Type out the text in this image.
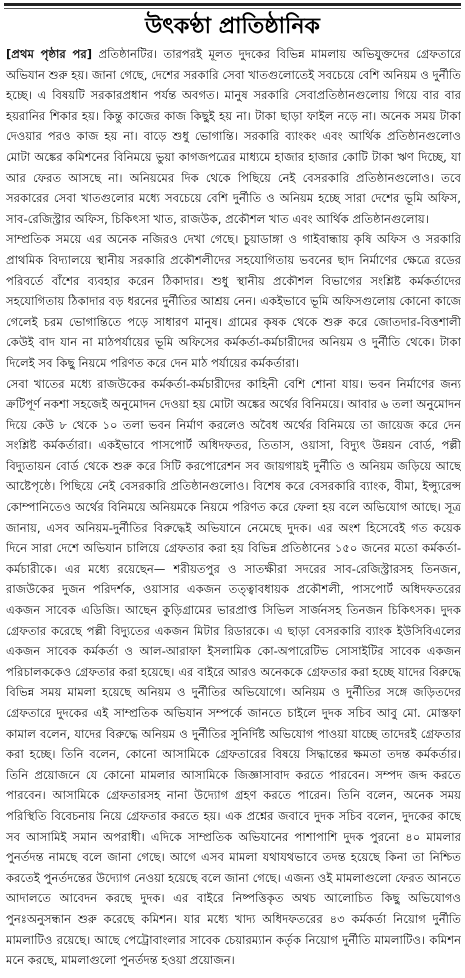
উৎকণ্ঠা প্রাতিষ্ঠানিক

[প্রথম পৃষ্ঠার পর] প্রতিষ্ঠানটির। তারপরই মূলত দুদকের বিভিন্ন মামলায় অভিযুক্তদের গ্রেফতারে অভিযান শুরু হয়। জানা গেছে, দেশের সরকারি সেবা খাতগুলোতেই সবচেয়ে বেশি অনিয়ম ও দুর্নীতি হচ্ছে। এ বিষয়টি সরকারপ্রধান পর্যন্ত অবগত। মানুষ সরকারি সেবাপ্রতিষ্ঠানগুলোয় গিয়ে বার বার হয়রানির শিকার হয়। কিন্তু কাজের কাজ কিছুই হয় না। টাকা ছাড়া ফাইল নড়ে না। অনেক সময় টাকা দেওয়ার পরও কাজ হয় না। বাড়ে শুধু ভোগান্তি। সরকারি ব্যাংকং এবং আর্থিক প্রতিষ্ঠানগুলোও মোটা অঙ্কের কমিশনের বিনিময়ে ভুয়া কাগজপত্রের মাধ্যমে হাজার হাজার কোটি টাকা ঋণ দিচ্ছে, যা আর ফেরত আসছে না। অনিয়মের দিক থেকে পিছিয়ে নেই বেসরকারি প্রতিষ্ঠানগুলোও। তবে সরকারের সেবা খাতগুলোর মধ্যে সবচেয়ে বেশি দুর্নীতি ও অনিয়ম হচ্ছে সারা দেশের ভূমি অফিস, সাব-রেজিস্ট্রার অফিস, চিকিৎসা খাত, রাজউক, প্রকৌশল খাত এবং আর্থিক প্রতিষ্ঠানগুলোয়।

সাম্প্রতিক সময়ে এর অনেক নজিরও দেখা গেছে। চুয়াডাঙ্গা ও গাইবান্ধায় কৃষি অফিস ও সরকারি প্রাথমিক বিদ্যালয়ে স্থানীয় সরকারি প্রকৌশলীদের সহযোগিতায় ভবনের ছাদ নির্মাণের ক্ষেত্রে রডের পরিবর্তে বাঁশের ব্যবহার করেন ঠিকাদার। শুধু স্থানীয় প্রকৌশল বিভাগের সংশ্লিষ্ট কর্মকর্তাদের সহযোগিতায় ঠিকাদার বড় ধরনের দুর্নীতির আশ্রয় নেন। একইভাবে ভূমি অফিসগুলোয় কোনো কাজে গেলেই চরম ভোগান্তিতে পড়ে সাধারণ মানুষ। গ্রামের কৃষক থেকে শুরু করে জোতদার-বিত্তশালী কেউই বাদ যান না মাঠপর্যায়ের ভূমি অফিসের কর্মকর্তা-কর্মচারীদের অনিয়ম ও দুর্নীতি থেকে। টাকা দিলেই সব কিছু নিয়মে পরিণত করে দেন মাঠ পর্যায়ের কর্মকর্তারা।

সেবা খাতের মধ্যে রাজউকের কর্মকর্তা-কর্মচারীদের কাহিনী বেশি শোনা যায়। ভবন নির্মাণের জন্য ক্রটিপূর্ণ নকশা সহজেই অনুমোদন দেওয়া হয় মোটা অঙ্কের অর্থের বিনিময়ে। আবার ৬ তলা অনুমোদন দিয়ে কেউ ৮ থেকে ১০ তলা ভবন নির্মাণ করলেও অবৈধ অর্থের বিনিময়ে তা জায়েজ করে দেন সংশ্লিষ্ট কর্মকর্তারা। একইভাবে পাসপোর্ট অধিদফতর, তিতাস, ওয়াসা, বিদ্যুৎ উন্নয়ন বোর্ড, পল্লী বিদ্যুতায়ন বোর্ড থেকে শুরু করে সিটি করপোরেশন সব জায়গায়ই দুর্নীতি ও অনিয়ম জড়িয়ে আছে আষ্টেপৃষ্ঠে। পিছিয়ে নেই বেসরকারি প্রতিষ্ঠানগুলোও। বিশেষ করে বেসরকারি ব্যাংক, বীমা, ইন্স্যুরেন্স কোম্পানিতেও অর্থের বিনিময়ে অনিয়মকে নিয়মে পরিণত করে ফেলা হয় বলে অভিযোগ আছে। সূত্র জানায়, এসব অনিয়ম-দুর্নীতির বিরুদ্ধেই অভিযানে নেমেছে দুদক। এর অংশ হিসেবেই গত কয়েক দিনে সারা দেশে অভিযান চালিয়ে গ্রেফতার করা হয় বিভিন্ন প্রতিষ্ঠানের ১৫০ জনের মতো কর্মকর্তা-কর্মচারীকে। এর মধ্যে রয়েছেন— শরীয়তপুর ও সাতক্ষীরা সদরের সাব-রেজিস্ট্রারসহ তিনজন, রাজউকের দুজন পরিদর্শক, ওয়াসার একজন তত্ত্বাবধায়ক প্রকৌশলী, পাসপোর্ট অধিদফতরের একজন সাবেক এডিজি। আছেন কুড়িগ্রামের ভারপ্রাপ্ত সিভিল সার্জনসহ তিনজন চিকিৎসক। দুদক গ্রেফতার করেছে পল্লী বিদ্যুতের একজন মিটার রিডারকে। এ ছাড়া বেসরকারি ব্যাংক ইউসিবিএলের একজন সাবেক কর্মকর্তা ও আল-আরাফা ইসলামিক কো-অপারেটিভ সোসাইটির সাবেক একজন পরিচালককেও গ্রেফতার করা হয়েছে। এর বাইরে আরও অনেককে গ্রেফতার করা হচ্ছে যাদের বিরুদ্ধে বিভিন্ন সময় মামলা হয়েছে অনিয়ম ও দুর্নীতির অভিযোগে। অনিয়ম ও দুর্নীতির সঙ্গে জড়িতদের গ্রেফতারে দুদকের এই সাম্প্রতিক অভিযান সম্পর্কে জানতে চাইলে দুদক সচিব আবু মো. মোস্তফা কামাল বলেন, যাদের বিরুদ্ধে অনিয়ম ও দুর্নীতির সুনির্দিষ্ট অভিযোগ পাওয়া যাচ্ছে তাদেরই গ্রেফতার করা হচ্ছে। তিনি বলেন, কোনো আসামিকে গ্রেফতারের বিষয়ে সিদ্ধান্তের ক্ষমতা তদন্ত কর্মকর্তার। তিনি প্রয়োজনে যে কোনো মামলার আসামিকে জিজ্ঞাসাবাদ করতে পারবেন। সম্পদ জব্দ করতে পারবেন। আসামিকে গ্রেফতারসহ নানা উদ্যোগ গ্রহণ করতে পারেন। তিনি বলেন, অনেক সময় পরিস্থিতি বিবেচনায় নিয়ে গ্রেফতার করতে হয়। এক প্রশ্নের জবাবে দুদক সচিব বলেন, দুদকের কাছে সব আসামিই সমান অপরাধী। এদিকে সাম্প্রতিক অভিযানের পাশাপাশি দুদক পুরনো ৪০ মামলার পুনর্তদন্ত নামছে বলে জানা গেছে। আগে এসব মামলা যথাযথভাবে তদন্ত হয়েছে কিনা তা নিশ্চিত করতেই পুনর্তদন্তের উদ্যোগ নেওয়া হয়েছে বলে জানা গেছে। এজন্য ওই মামলাগুলো ফেরত আনতে আদালতে আবেদন করছে দুদক। এর বাইরে নিষ্পত্তিকৃত অথচ আলোচিত কিছু অভিযোগও পুনঃঅনুসন্ধান শুরু করেছে কমিশন। যার মধ্যে খাদ্য অধিদফতরের ৪৩ কর্মকর্তা নিয়োগ দুর্নীতি মামলাটিও রয়েছে। আছে পেট্রোবাংলার সাবেক চেয়ারম্যান কর্তৃক নিয়োগ দুর্নীতি মামলাটিও। কমিশন মনে করছে, মামলাগুলো পুনর্তদন্ত হওয়া প্রয়োজন।
